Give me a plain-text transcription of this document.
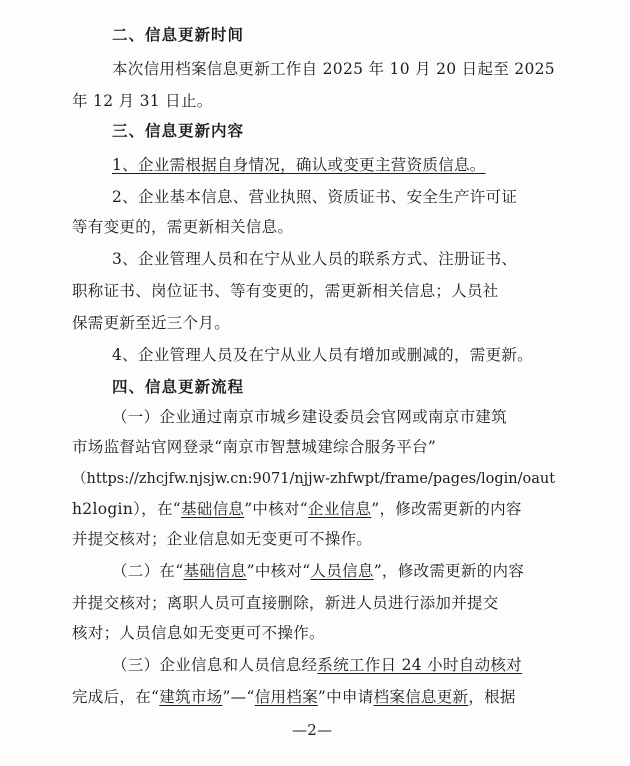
二、信息更新时间
本次信用档案信息更新工作自 2025 年 10 月 20 日起至 2025
年 12 月 31 日止。
三、信息更新内容
1、企业需根据自身情况，确认或变更主营资质信息。
2、企业基本信息、营业执照、资质证书、安全生产许可证
等有变更的，需更新相关信息。
3、企业管理人员和在宁从业人员的联系方式、注册证书、
职称证书、岗位证书、等有变更的，需更新相关信息；人员社
保需更新至近三个月。
4、企业管理人员及在宁从业人员有增加或删减的，需更新。
四、信息更新流程
（一）企业通过南京市城乡建设委员会官网或南京市建筑
市场监督站官网登录“南京市智慧城建综合服务平台”
（https://zhcjfw.njsjw.cn:9071/njjw-zhfwpt/frame/pages/login/oaut
h2login），在“基础信息”中核对“企业信息”，修改需更新的内容
并提交核对；企业信息如无变更可不操作。
（二）在“基础信息”中核对“人员信息”，修改需更新的内容
并提交核对；离职人员可直接删除，新进人员进行添加并提交
核对；人员信息如无变更可不操作。
（三）企业信息和人员信息经系统工作日 24 小时自动核对
完成后，在“建筑市场”—“信用档案”中申请档案信息更新，根据
—2—
